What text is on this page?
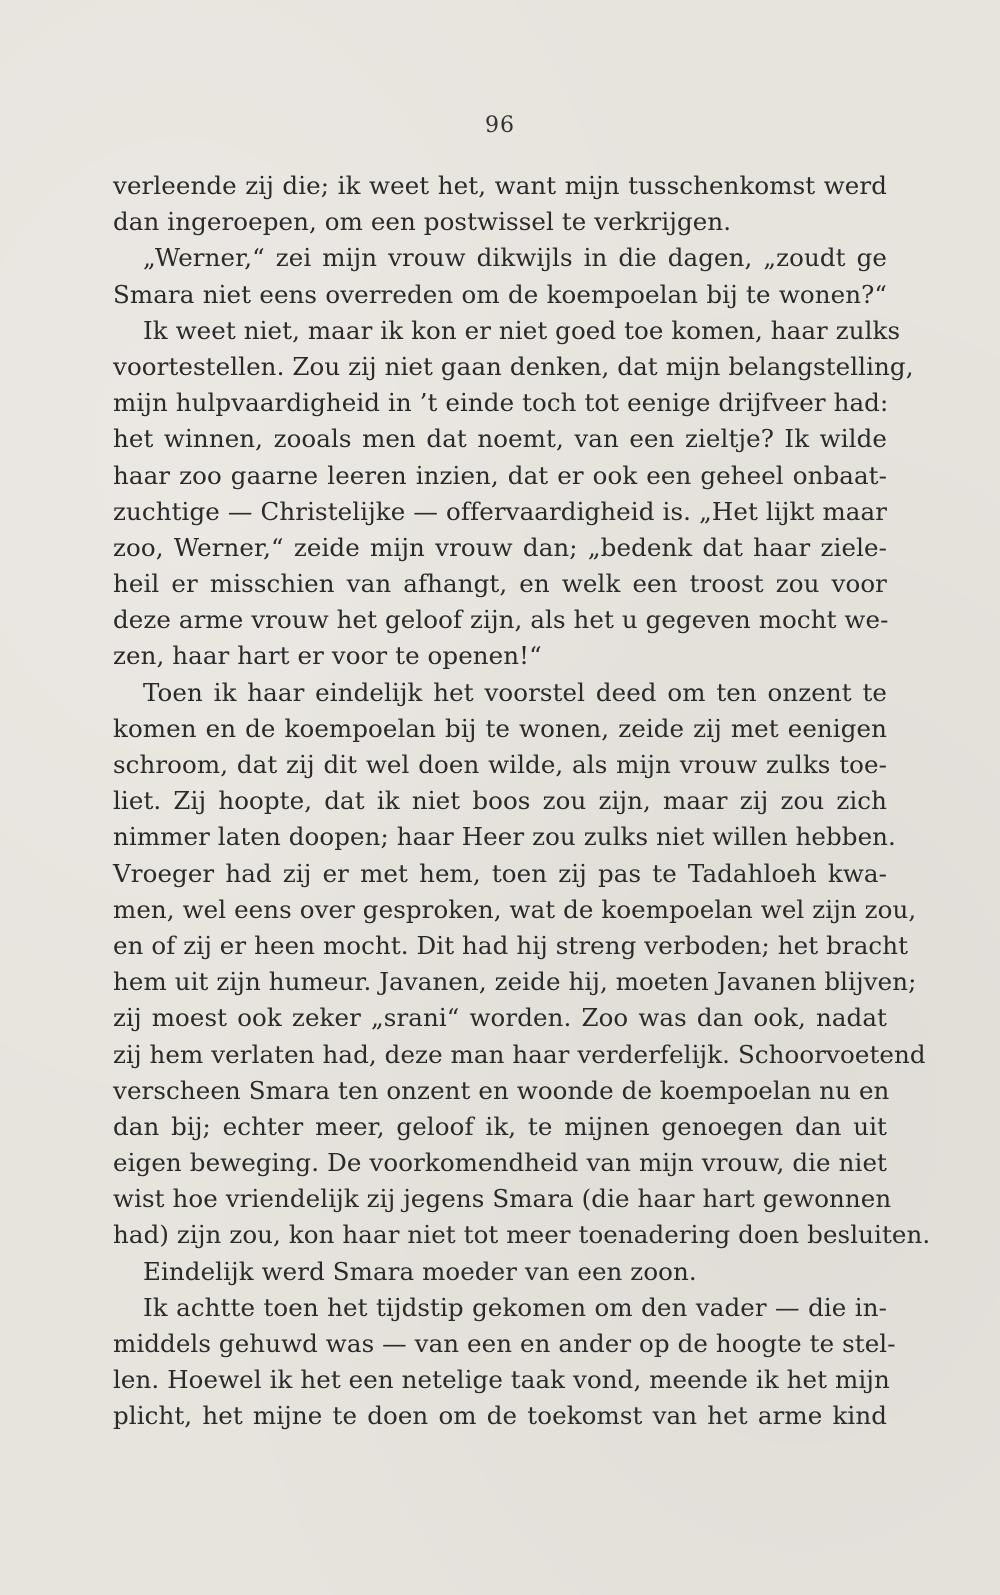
96
verleende zij die; ik weet het, want mijn tusschenkomst werd
dan ingeroepen, om een postwissel te verkrijgen.
„Werner,“ zei mijn vrouw dikwijls in die dagen, „zoudt ge
Smara niet eens overreden om de koempoelan bij te wonen?“
Ik weet niet, maar ik kon er niet goed toe komen, haar zulks
voortestellen. Zou zij niet gaan denken, dat mijn belangstelling,
mijn hulpvaardigheid in ’t einde toch tot eenige drijfveer had:
het winnen, zooals men dat noemt, van een zieltje? Ik wilde
haar zoo gaarne leeren inzien, dat er ook een geheel onbaat-
zuchtige — Christelijke — offervaardigheid is. „Het lijkt maar
zoo, Werner,“ zeide mijn vrouw dan; „bedenk dat haar ziele-
heil er misschien van afhangt, en welk een troost zou voor
deze arme vrouw het geloof zijn, als het u gegeven mocht we-
zen, haar hart er voor te openen!“
Toen ik haar eindelijk het voorstel deed om ten onzent te
komen en de koempoelan bij te wonen, zeide zij met eenigen
schroom, dat zij dit wel doen wilde, als mijn vrouw zulks toe-
liet. Zij hoopte, dat ik niet boos zou zijn, maar zij zou zich
nimmer laten doopen; haar Heer zou zulks niet willen hebben.
Vroeger had zij er met hem, toen zij pas te Tadahloeh kwa-
men, wel eens over gesproken, wat de koempoelan wel zijn zou,
en of zij er heen mocht. Dit had hij streng verboden; het bracht
hem uit zijn humeur. Javanen, zeide hij, moeten Javanen blijven;
zij moest ook zeker „srani“ worden. Zoo was dan ook, nadat
zij hem verlaten had, deze man haar verderfelijk. Schoorvoetend
verscheen Smara ten onzent en woonde de koempoelan nu en
dan bij; echter meer, geloof ik, te mijnen genoegen dan uit
eigen beweging. De voorkomendheid van mijn vrouw, die niet
wist hoe vriendelijk zij jegens Smara (die haar hart gewonnen
had) zijn zou, kon haar niet tot meer toenadering doen besluiten.
Eindelijk werd Smara moeder van een zoon.
Ik achtte toen het tijdstip gekomen om den vader — die in-
middels gehuwd was — van een en ander op de hoogte te stel-
len. Hoewel ik het een netelige taak vond, meende ik het mijn
plicht, het mijne te doen om de toekomst van het arme kind
